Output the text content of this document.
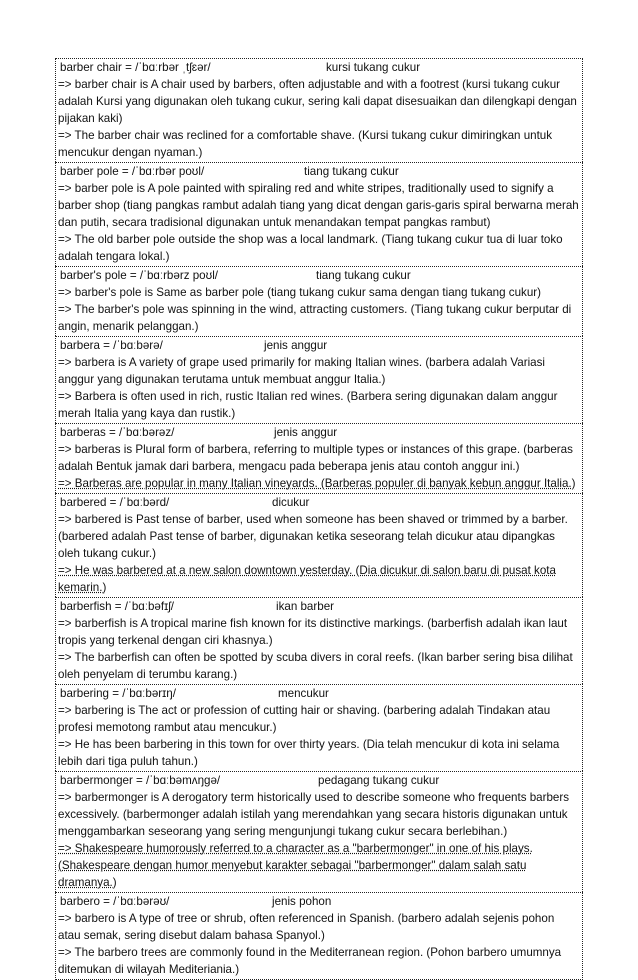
barber chair = /ˈbɑːrbər ˌtʃɛər/	kursi tukang cukur
=> barber chair is A chair used by barbers, often adjustable and with a footrest (kursi tukang cukur adalah Kursi yang digunakan oleh tukang cukur, sering kali dapat disesuaikan dan dilengkapi dengan pijakan kaki)
=> The barber chair was reclined for a comfortable shave. (Kursi tukang cukur dimiringkan untuk mencukur dengan nyaman.)
barber pole = /ˈbɑːrbər poʊl/	tiang tukang cukur
=> barber pole is A pole painted with spiraling red and white stripes, traditionally used to signify a barber shop (tiang pangkas rambut adalah tiang yang dicat dengan garis-garis spiral berwarna merah dan putih, secara tradisional digunakan untuk menandakan tempat pangkas rambut)
=> The old barber pole outside the shop was a local landmark. (Tiang tukang cukur tua di luar toko adalah tengara lokal.)
barber's pole = /ˈbɑːrbərz poʊl/	tiang tukang cukur
=> barber's pole is Same as barber pole (tiang tukang cukur sama dengan tiang tukang cukur)
=> The barber's pole was spinning in the wind, attracting customers. (Tiang tukang cukur berputar di angin, menarik pelanggan.)
barbera = /ˈbɑːbərə/	jenis anggur
=> barbera is A variety of grape used primarily for making Italian wines. (barbera adalah Variasi anggur yang digunakan terutama untuk membuat anggur Italia.)
=> Barbera is often used in rich, rustic Italian red wines. (Barbera sering digunakan dalam anggur merah Italia yang kaya dan rustik.)
barberas = /ˈbɑːbərəz/	jenis anggur
=> barberas is Plural form of barbera, referring to multiple types or instances of this grape. (barberas adalah Bentuk jamak dari barbera, mengacu pada beberapa jenis atau contoh anggur ini.)
=> Barberas are popular in many Italian vineyards. (Barberas populer di banyak kebun anggur Italia.)
barbered = /ˈbɑːbərd/	dicukur
=> barbered is Past tense of barber, used when someone has been shaved or trimmed by a barber. (barbered adalah Past tense of barber, digunakan ketika seseorang telah dicukur atau dipangkas oleh tukang cukur.)
=> He was barbered at a new salon downtown yesterday. (Dia dicukur di salon baru di pusat kota kemarin.)
barberfish = /ˈbɑːbəfɪʃ/	ikan barber
=> barberfish is A tropical marine fish known for its distinctive markings. (barberfish adalah ikan laut tropis yang terkenal dengan ciri khasnya.)
=> The barberfish can often be spotted by scuba divers in coral reefs. (Ikan barber sering bisa dilihat oleh penyelam di terumbu karang.)
barbering = /ˈbɑːbərɪŋ/	mencukur
=> barbering is The act or profession of cutting hair or shaving. (barbering adalah Tindakan atau profesi memotong rambut atau mencukur.)
=> He has been barbering in this town for over thirty years. (Dia telah mencukur di kota ini selama lebih dari tiga puluh tahun.)
barbermonger = /ˈbɑːbəmʌŋgə/	pedagang tukang cukur
=> barbermonger is A derogatory term historically used to describe someone who frequents barbers excessively. (barbermonger adalah istilah yang merendahkan yang secara historis digunakan untuk menggambarkan seseorang yang sering mengunjungi tukang cukur secara berlebihan.)
=> Shakespeare humorously referred to a character as a "barbermonger" in one of his plays. (Shakespeare dengan humor menyebut karakter sebagai "barbermonger" dalam salah satu dramanya.)
barbero = /ˈbɑːbərəʊ/	jenis pohon
=> barbero is A type of tree or shrub, often referenced in Spanish. (barbero adalah sejenis pohon atau semak, sering disebut dalam bahasa Spanyol.)
=> The barbero trees are commonly found in the Mediterranean region. (Pohon barbero umumnya ditemukan di wilayah Mediteriania.)
